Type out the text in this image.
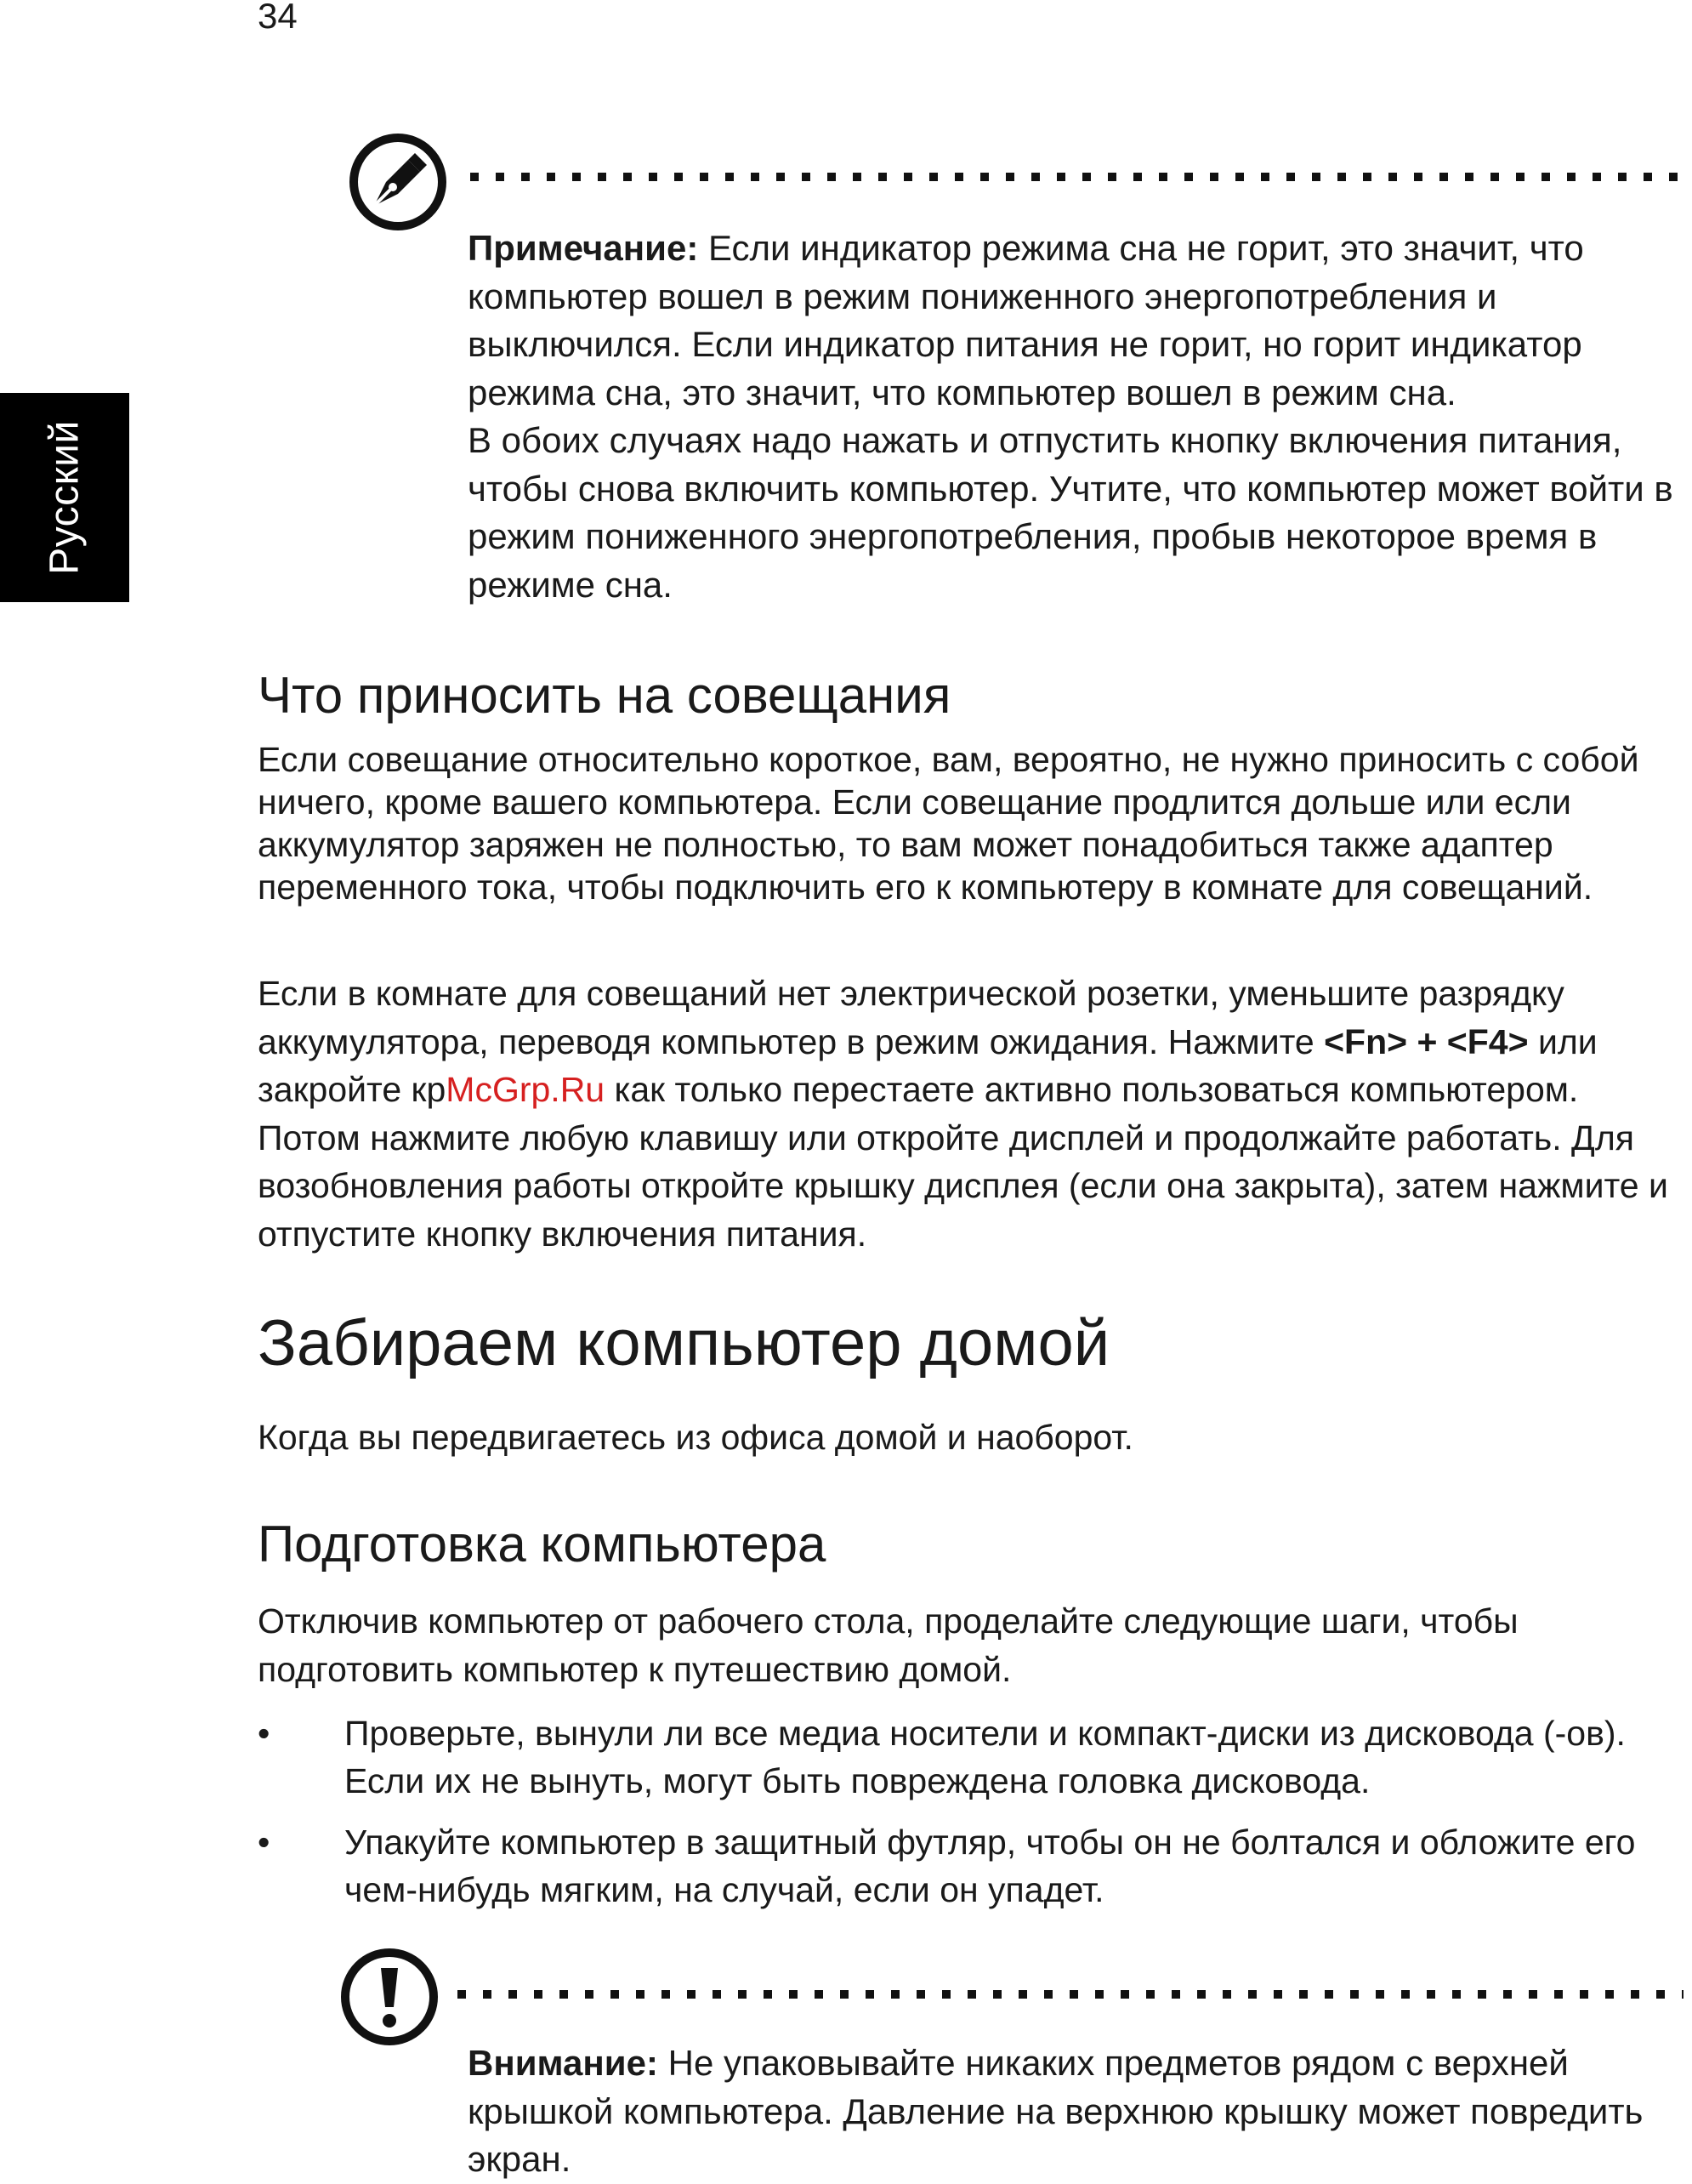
34
Русский

Примечание: Если индикатор режима сна не горит, это значит, что компьютер вошел в режим пониженного энергопотребления и выключился. Если индикатор питания не горит, но горит индикатор режима сна, это значит, что компьютер вошел в режим сна.
В обоих случаях надо нажать и отпустить кнопку включения питания, чтобы снова включить компьютер. Учтите, что компьютер может войти в режим пониженного энергопотребления, пробыв некоторое время в режиме сна.

Что приносить на совещания

Если совещание относительно короткое, вам, вероятно, не нужно приносить с собой ничего, кроме вашего компьютера. Если совещание продлится дольше или если аккумулятор заряжен не полностью, то вам может понадобиться также адаптер переменного тока, чтобы подключить его к компьютеру в комнате для совещаний.

Если в комнате для совещаний нет электрической розетки, уменьшите разрядку аккумулятора, переводя компьютер в режим ожидания. Нажмите <Fn> + <F4> или закройте крMcGrp.Ru как только перестаете активно пользоваться компьютером. Потом нажмите любую клавишу или откройте дисплей и продолжайте работать. Для возобновления работы откройте крышку дисплея (если она закрыта), затем нажмите и отпустите кнопку включения питания.

Забираем компьютер домой

Когда вы передвигаетесь из офиса домой и наоборот.

Подготовка компьютера

Отключив компьютер от рабочего стола, проделайте следующие шаги, чтобы подготовить компьютер к путешествию домой.

• Проверьте, вынули ли все медиа носители и компакт-диски из дисковода (-ов). Если их не вынуть, могут быть повреждена головка дисковода.

• Упакуйте компьютер в защитный футляр, чтобы он не болтался и обложите его чем-нибудь мягким, на случай, если он упадет.

Внимание: Не упаковывайте никаких предметов рядом с верхней крышкой компьютера. Давление на верхнюю крышку может повредить экран.
